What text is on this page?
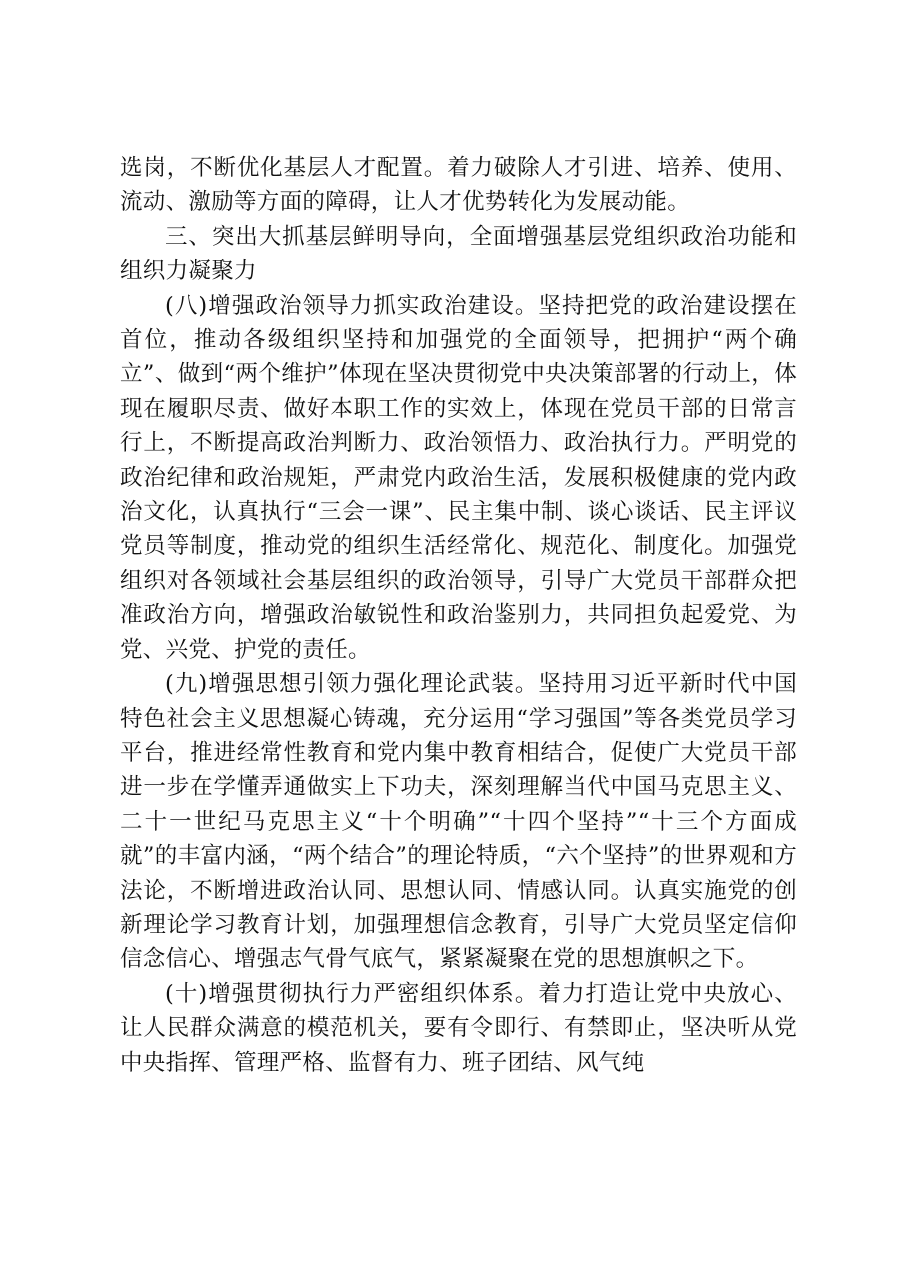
选岗，不断优化基层人才配置。着力破除人才引进、培养、使用、流动、激励等方面的障碍，让人才优势转化为发展动能。

三、突出大抓基层鲜明导向，全面增强基层党组织政治功能和组织力凝聚力

(八)增强政治领导力抓实政治建设。坚持把党的政治建设摆在首位，推动各级组织坚持和加强党的全面领导，把拥护“两个确立”、做到“两个维护”体现在坚决贯彻党中央决策部署的行动上，体现在履职尽责、做好本职工作的实效上，体现在党员干部的日常言行上，不断提高政治判断力、政治领悟力、政治执行力。严明党的政治纪律和政治规矩，严肃党内政治生活，发展积极健康的党内政治文化，认真执行“三会一课”、民主集中制、谈心谈话、民主评议党员等制度，推动党的组织生活经常化、规范化、制度化。加强党组织对各领域社会基层组织的政治领导，引导广大党员干部群众把准政治方向，增强政治敏锐性和政治鉴别力，共同担负起爱党、为党、兴党、护党的责任。

(九)增强思想引领力强化理论武装。坚持用习近平新时代中国特色社会主义思想凝心铸魂，充分运用“学习强国”等各类党员学习平台，推进经常性教育和党内集中教育相结合，促使广大党员干部进一步在学懂弄通做实上下功夫，深刻理解当代中国马克思主义、二十一世纪马克思主义“十个明确”“十四个坚持”“十三个方面成就”的丰富内涵，“两个结合”的理论特质，“六个坚持”的世界观和方法论，不断增进政治认同、思想认同、情感认同。认真实施党的创新理论学习教育计划，加强理想信念教育，引导广大党员坚定信仰信念信心、增强志气骨气底气，紧紧凝聚在党的思想旗帜之下。

(十)增强贯彻执行力严密组织体系。着力打造让党中央放心、让人民群众满意的模范机关，要有令即行、有禁即止，坚决听从党中央指挥、管理严格、监督有力、班子团结、风气纯
